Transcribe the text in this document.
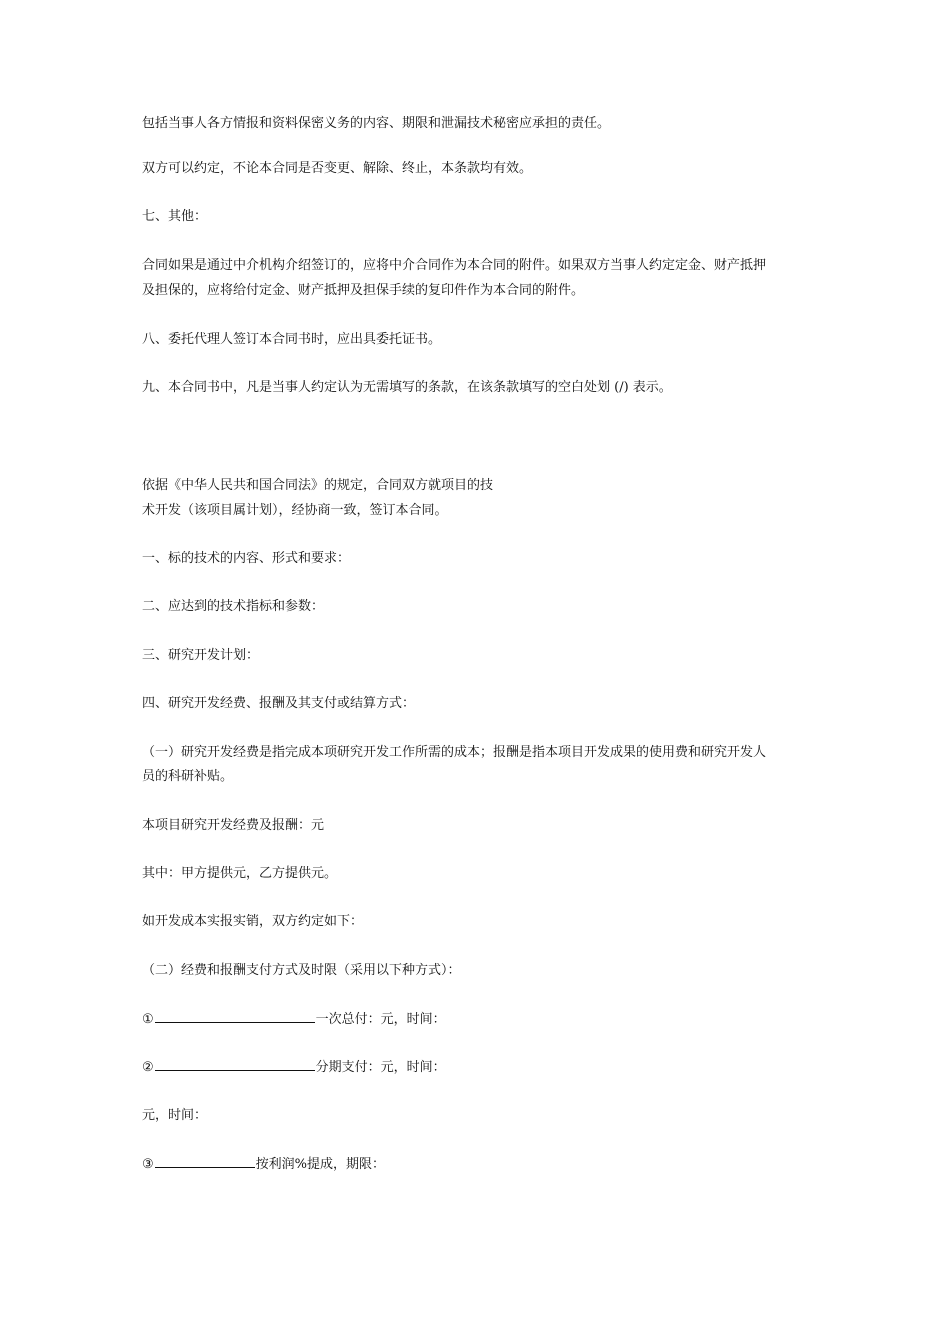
包括当事人各方情报和资料保密义务的内容、期限和泄漏技术秘密应承担的责任。
双方可以约定，不论本合同是否变更、解除、终止，本条款均有效。
七、其他：
合同如果是通过中介机构介绍签订的，应将中介合同作为本合同的附件。如果双方当事人约定定金、财产抵押
及担保的，应将给付定金、财产抵押及担保手续的复印件作为本合同的附件。
八、委托代理人签订本合同书时，应出具委托证书。
九、本合同书中，凡是当事人约定认为无需填写的条款，在该条款填写的空白处划 (/) 表示。
依据《中华人民共和国合同法》的规定，合同双方就项目的技
术开发（该项目属计划），经协商一致，签订本合同。
一、标的技术的内容、形式和要求：
二、应达到的技术指标和参数：
三、研究开发计划：
四、研究开发经费、报酬及其支付或结算方式：
（一）研究开发经费是指完成本项研究开发工作所需的成本；报酬是指本项目开发成果的使用费和研究开发人
员的科研补贴。
本项目研究开发经费及报酬：元
其中：甲方提供元，乙方提供元。
如开发成本实报实销，双方约定如下：
（二）经费和报酬支付方式及时限（采用以下种方式）：
①	一次总付：元，时间：
②	分期支付：元，时间：
元，时间：
③	按利润%提成，期限：
